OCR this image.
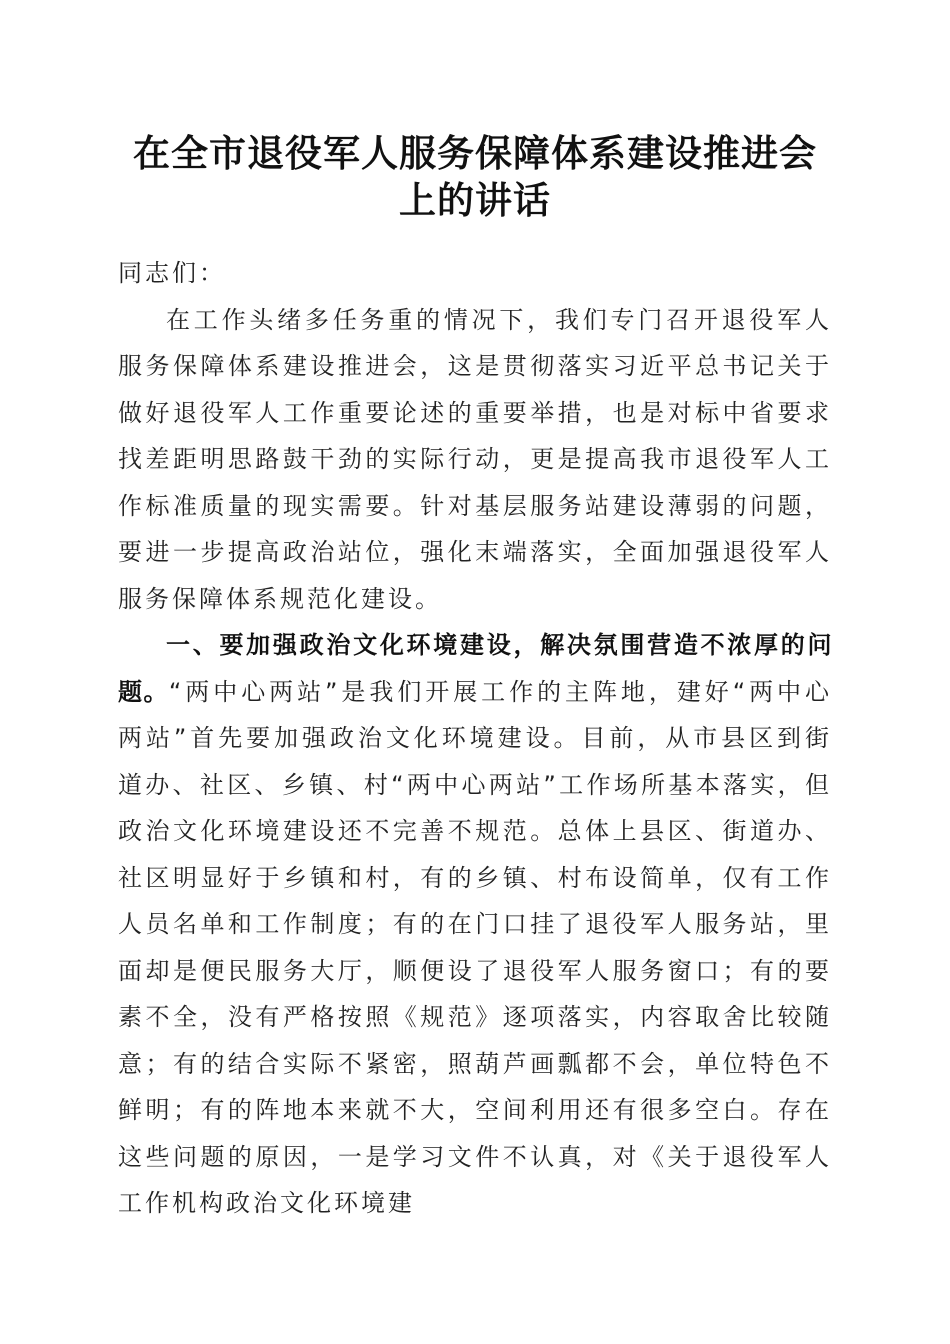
在全市退役军人服务保障体系建设推进会上的讲话
同志们：

在工作头绪多任务重的情况下，我们专门召开退役军人服务保障体系建设推进会，这是贯彻落实习近平总书记关于做好退役军人工作重要论述的重要举措，也是对标中省要求找差距明思路鼓干劲的实际行动，更是提高我市退役军人工作标准质量的现实需要。针对基层服务站建设薄弱的问题，要进一步提高政治站位，强化末端落实，全面加强退役军人服务保障体系规范化建设。

一、要加强政治文化环境建设，解决氛围营造不浓厚的问题。“两中心两站”是我们开展工作的主阵地，建好“两中心两站”首先要加强政治文化环境建设。目前，从市县区到街道办、社区、乡镇、村“两中心两站”工作场所基本落实，但政治文化环境建设还不完善不规范。总体上县区、街道办、社区明显好于乡镇和村，有的乡镇、村布设简单，仅有工作人员名单和工作制度；有的在门口挂了退役军人服务站，里面却是便民服务大厅，顺便设了退役军人服务窗口；有的要素不全，没有严格按照《规范》逐项落实，内容取舍比较随意；有的结合实际不紧密，照葫芦画瓢都不会，单位特色不鲜明；有的阵地本来就不大，空间利用还有很多空白。存在这些问题的原因，一是学习文件不认真，对《关于退役军人工作机构政治文化环境建
